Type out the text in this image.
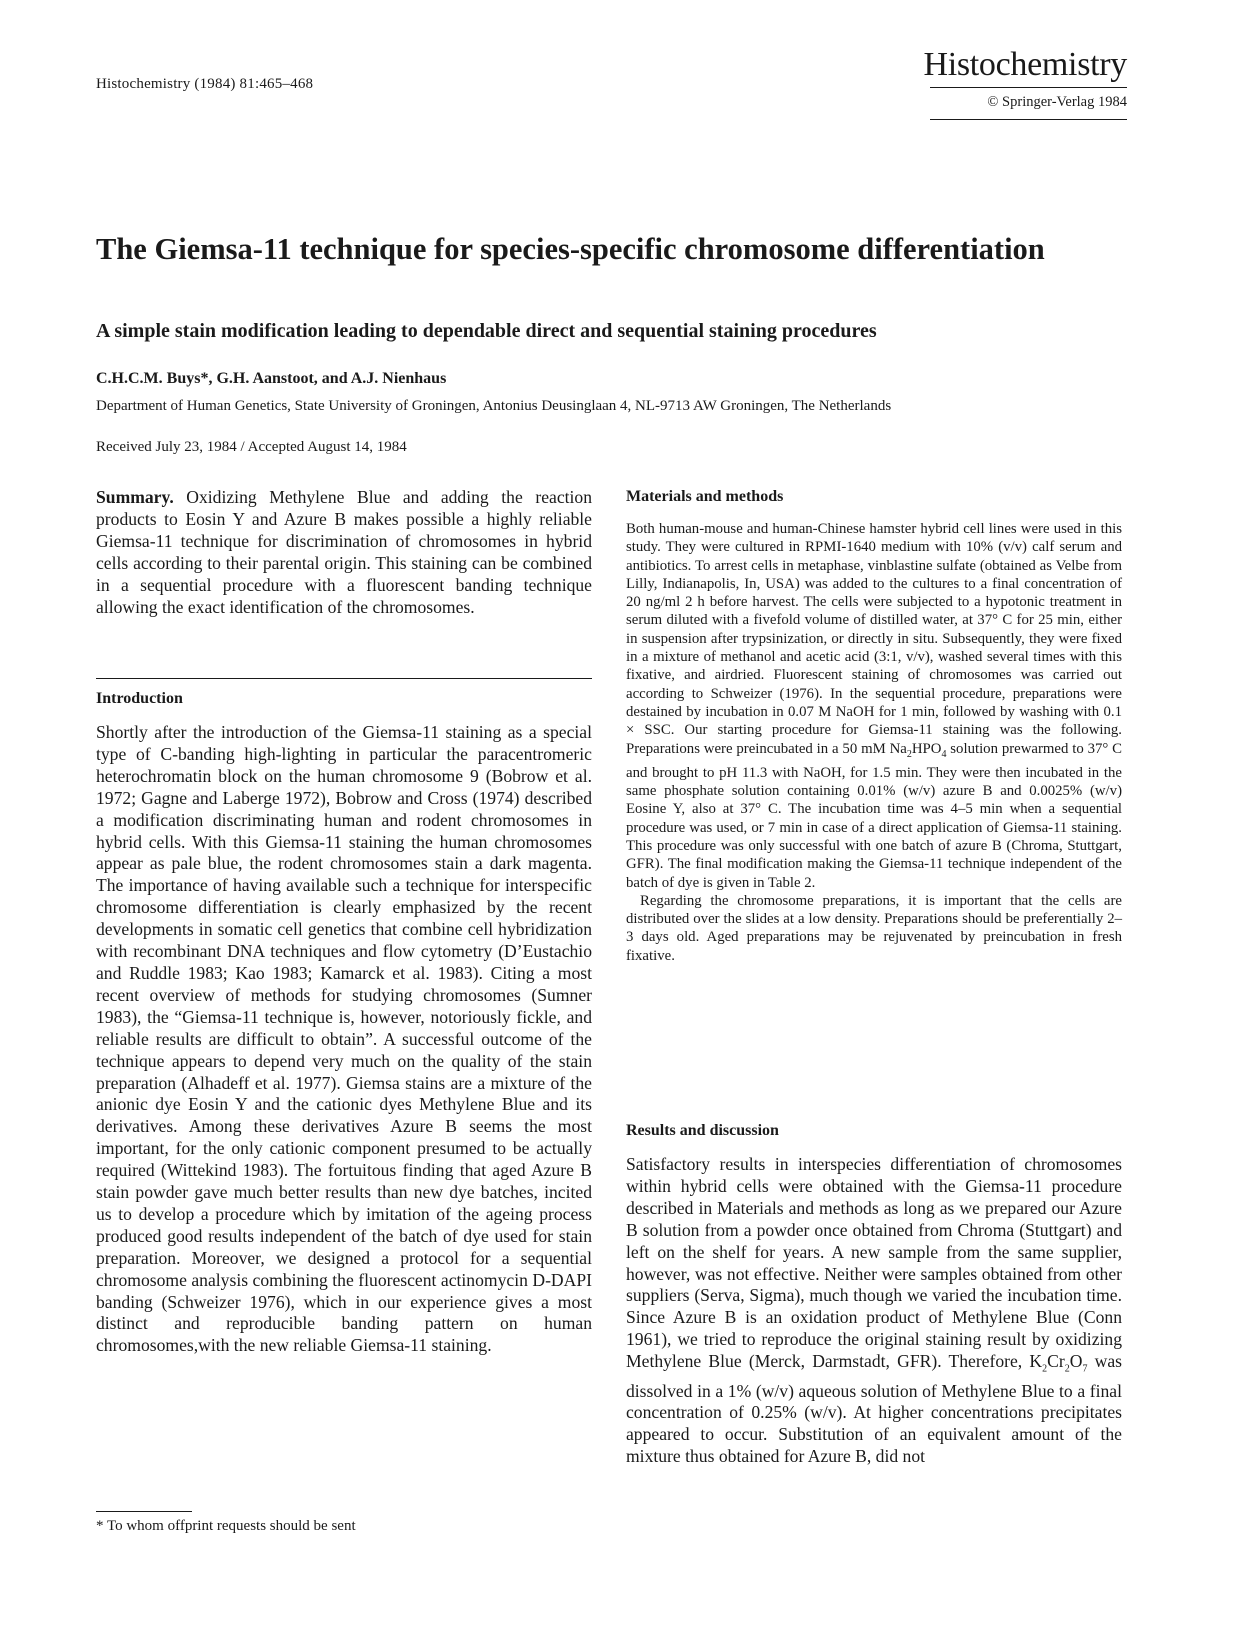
Histochemistry (1984) 81:465–468
Histochemistry
© Springer-Verlag 1984
The Giemsa-11 technique for species-specific chromosome differentiation
A simple stain modification leading to dependable direct and sequential staining procedures
C.H.C.M. Buys*, G.H. Aanstoot, and A.J. Nienhaus
Department of Human Genetics, State University of Groningen, Antonius Deusinglaan 4, NL-9713 AW Groningen, The Netherlands
Received July 23, 1984 / Accepted August 14, 1984

Summary. Oxidizing Methylene Blue and adding the reaction products to Eosin Y and Azure B makes possible a highly reliable Giemsa-11 technique for discrimination of chromosomes in hybrid cells according to their parental origin. This staining can be combined in a sequential procedure with a fluorescent banding technique allowing the exact identification of the chromosomes.

Introduction

Shortly after the introduction of the Giemsa-11 staining as a special type of C-banding high-lighting in particular the paracentromeric heterochromatin block on the human chromosome 9 (Bobrow et al. 1972; Gagne and Laberge 1972), Bobrow and Cross (1974) described a modification discriminating human and rodent chromosomes in hybrid cells. With this Giemsa-11 staining the human chromosomes appear as pale blue, the rodent chromosomes stain a dark magenta. The importance of having available such a technique for interspecific chromosome differentiation is clearly emphasized by the recent developments in somatic cell genetics that combine cell hybridization with recombinant DNA techniques and flow cytometry (D’Eustachio and Ruddle 1983; Kao 1983; Kamarck et al. 1983). Citing a most recent overview of methods for studying chromosomes (Sumner 1983), the “Giemsa-11 technique is, however, notoriously fickle, and reliable results are difficult to obtain”. A successful outcome of the technique appears to depend very much on the quality of the stain preparation (Alhadeff et al. 1977). Giemsa stains are a mixture of the anionic dye Eosin Y and the cationic dyes Methylene Blue and its derivatives. Among these derivatives Azure B seems the most important, for the only cationic component presumed to be actually required (Wittekind 1983). The fortuitous finding that aged Azure B stain powder gave much better results than new dye batches, incited us to develop a procedure which by imitation of the ageing process produced good results independent of the batch of dye used for stain preparation. Moreover, we designed a protocol for a sequential chromosome analysis combining the fluorescent actinomycin D-DAPI banding (Schweizer 1976), which in our experience gives a most distinct and reproducible banding pattern on human chromosomes,with the new reliable Giemsa-11 staining.

* To whom offprint requests should be sent
Materials and methods

Both human-mouse and human-Chinese hamster hybrid cell lines were used in this study. They were cultured in RPMI-1640 medium with 10% (v/v) calf serum and antibiotics. To arrest cells in metaphase, vinblastine sulfate (obtained as Velbe from Lilly, Indianapolis, In, USA) was added to the cultures to a final concentration of 20 ng/ml 2 h before harvest. The cells were subjected to a hypotonic treatment in serum diluted with a fivefold volume of distilled water, at 37° C for 25 min, either in suspension after trypsinization, or directly in situ. Subsequently, they were fixed in a mixture of methanol and acetic acid (3:1, v/v), washed several times with this fixative, and airdried. Fluorescent staining of chromosomes was carried out according to Schweizer (1976). In the sequential procedure, preparations were destained by incubation in 0.07 M NaOH for 1 min, followed by washing with 0.1 × SSC. Our starting procedure for Giemsa-11 staining was the following. Preparations were preincubated in a 50 mM $Na_2HPO_4$ solution prewarmed to 37° C and brought to pH 11.3 with NaOH, for 1.5 min. They were then incubated in the same phosphate solution containing 0.01% (w/v) azure B and 0.0025% (w/v) Eosine Y, also at 37° C. The incubation time was 4–5 min when a sequential procedure was used, or 7 min in case of a direct application of Giemsa-11 staining. This procedure was only successful with one batch of azure B (Chroma, Stuttgart, GFR). The final modification making the Giemsa-11 technique independent of the batch of dye is given in Table 2.

Regarding the chromosome preparations, it is important that the cells are distributed over the slides at a low density. Preparations should be preferentially 2–3 days old. Aged preparations may be rejuvenated by preincubation in fresh fixative.

Results and discussion

Satisfactory results in interspecies differentiation of chromosomes within hybrid cells were obtained with the Giemsa-11 procedure described in Materials and methods as long as we prepared our Azure B solution from a powder once obtained from Chroma (Stuttgart) and left on the shelf for years. A new sample from the same supplier, however, was not effective. Neither were samples obtained from other suppliers (Serva, Sigma), much though we varied the incubation time. Since Azure B is an oxidation product of Methylene Blue (Conn 1961), we tried to reproduce the original staining result by oxidizing Methylene Blue (Merck, Darmstadt, GFR). Therefore, $K_2Cr_2O_7$ was dissolved in a 1% (w/v) aqueous solution of Methylene Blue to a final concentration of 0.25% (w/v). At higher concentrations precipitates appeared to occur. Substitution of an equivalent amount of the mixture thus obtained for Azure B, did not
